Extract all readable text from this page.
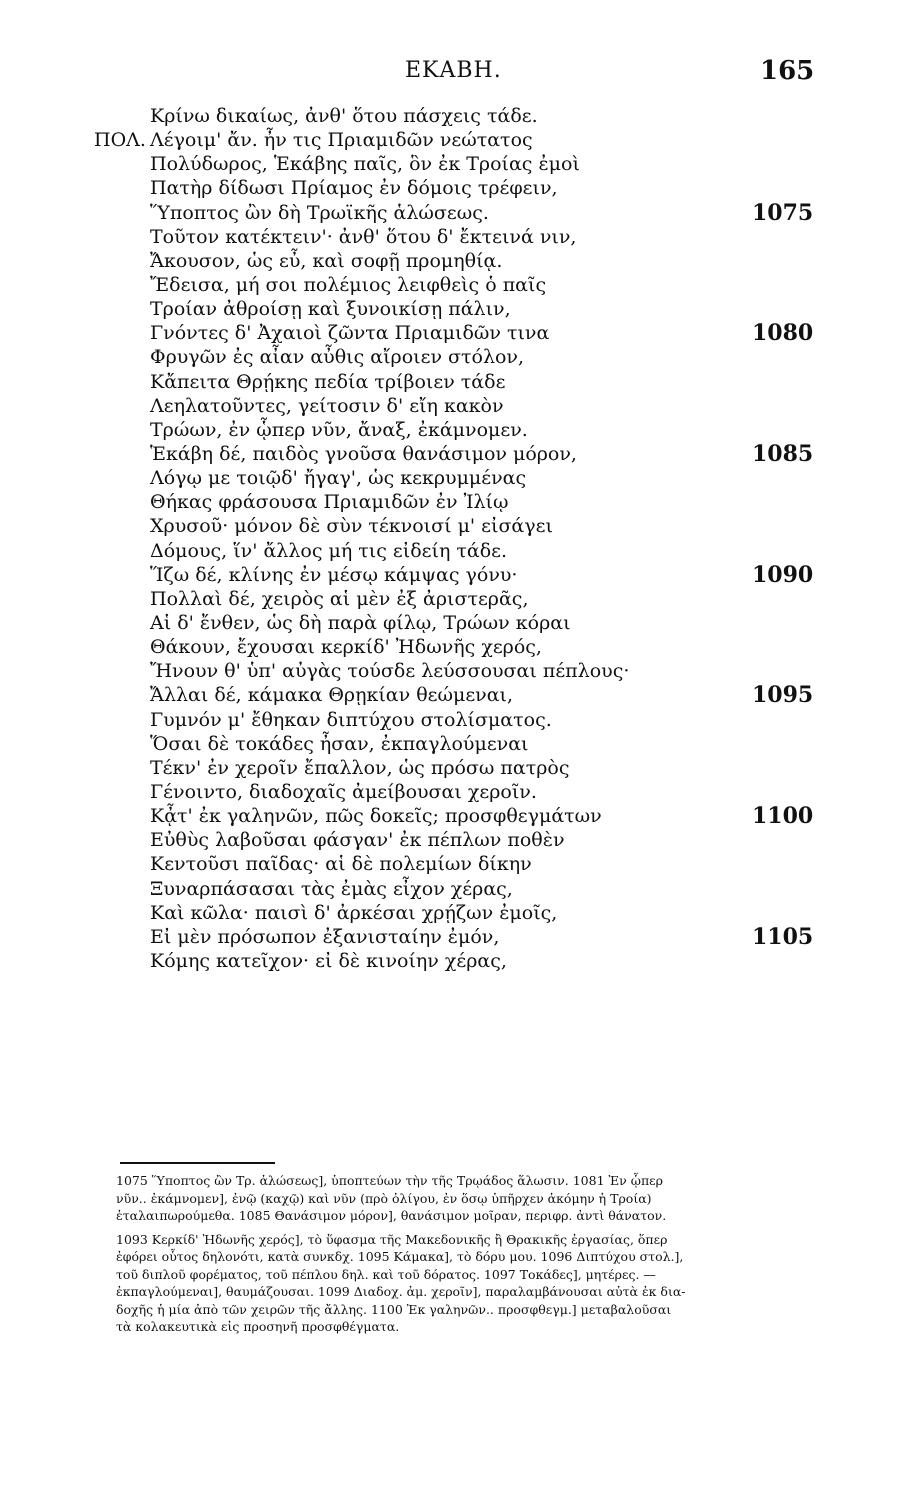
ΕΚΑΒΗ.	165
Κρίνω δικαίως, ἀνθ' ὅτου πάσχεις τάδε.
ΠΟΛ. Λέγοιμ' ἄν. ἦν τις Πριαμιδῶν νεώτατος
Πολύδωρος, Ἑκάβης παῖς, ὃν ἐκ Τροίας ἐμοὶ
Πατὴρ δίδωσι Πρίαμος ἐν δόμοις τρέφειν,
Ὕποπτος ὢν δὴ Τρωϊκῆς ἁλώσεως.	1075
Τοῦτον κατέκτειν'· ἀνθ' ὅτου δ' ἔκτεινά νιν,
Ἄκουσον, ὡς εὖ, καὶ σοφῇ προμηθίᾳ.
Ἔδεισα, μή σοι πολέμιος λειφθεὶς ὁ παῖς
Τροίαν ἀθροίσῃ καὶ ξυνοικίσῃ πάλιν,
Γνόντες δ' Ἀχαιοὶ ζῶντα Πριαμιδῶν τινα	1080
Φρυγῶν ἐς αἶαν αὖθις αἴροιεν στόλον,
Κἄπειτα Θρῄκης πεδία τρίβοιεν τάδε
Λεηλατοῦντες, γείτοσιν δ' εἴη κακὸν
Τρώων, ἐν ᾧπερ νῦν, ἄναξ, ἐκάμνομεν.
Ἑκάβη δέ, παιδὸς γνοῦσα θανάσιμον μόρον,	1085
Λόγῳ με τοιῷδ' ἤγαγ', ὡς κεκρυμμένας
Θήκας φράσουσα Πριαμιδῶν ἐν Ἰλίῳ
Χρυσοῦ· μόνον δὲ σὺν τέκνοισί μ' εἰσάγει
Δόμους, ἵν' ἄλλος μή τις εἰδείη τάδε.
Ἵζω δέ, κλίνης ἐν μέσῳ κάμψας γόνυ·	1090
Πολλαὶ δέ, χειρὸς αἱ μὲν ἐξ ἀριστερᾶς,
Αἱ δ' ἔνθεν, ὡς δὴ παρὰ φίλῳ, Τρώων κόραι
Θάκουν, ἔχουσαι κερκίδ' Ἠδωνῆς χερός,
Ἤνουν θ' ὑπ' αὐγὰς τούσδε λεύσσουσαι πέπλους·
Ἄλλαι δέ, κάμακα Θρῃκίαν θεώμεναι,	1095
Γυμνόν μ' ἔθηκαν διπτύχου στολίσματος.
Ὅσαι δὲ τοκάδες ἦσαν, ἐκπαγλούμεναι
Τέκν' ἐν χεροῖν ἔπαλλον, ὡς πρόσω πατρὸς
Γένοιντο, διαδοχαῖς ἀμείβουσαι χεροῖν.
Κᾆτ' ἐκ γαληνῶν, πῶς δοκεῖς; προσφθεγμάτων	1100
Εὐθὺς λαβοῦσαι φάσγαν' ἐκ πέπλων ποθὲν
Κεντοῦσι παῖδας· αἱ δὲ πολεμίων δίκην
Ξυναρπάσασαι τὰς ἐμὰς εἶχον χέρας,
Καὶ κῶλα· παισὶ δ' ἀρκέσαι χρῄζων ἐμοῖς,
Εἰ μὲν πρόσωπον ἐξανισταίην ἐμόν,	1105
Κόμης κατεῖχον· εἰ δὲ κινοίην χέρας,
1075 Ὕποπτος ὢν Τρ. ἁλώσεως], ὑποπτεύων τὴν τῆς Τρῳάδος ἅλωσιν. 1081 Ἐν ᾧπερ
νῦν.. ἐκάμνομεν], ἐνῷ (καχῷ) καὶ νῦν (πρὸ ὀλίγου, ἐν ὅσῳ ὑπῆρχεν ἀκόμην ἡ Τροία)
ἐταλαιπωρούμεθα. 1085 Θανάσιμον μόρον], θανάσιμον μοῖραν, περιφρ. ἀντὶ θάνατον.
1093 Κερκίδ' Ἠδωνῆς χερός], τὸ ὕφασμα τῆς Μακεδονικῆς ἢ Θρακικῆς ἐργασίας, ὅπερ
ἐφόρει οὗτος δηλονότι, κατὰ συνκδχ. 1095 Κάμακα], τὸ δόρυ μου. 1096 Διπτύχου στολ.],
τοῦ διπλοῦ φορέματος, τοῦ πέπλου δηλ. καὶ τοῦ δόρατος. 1097 Τοκάδες], μητέρες. —
ἐκπαγλούμεναι], θαυμάζουσαι. 1099 Διαδοχ. ἀμ. χεροῖν], παραλαμβάνουσαι αὐτὰ ἐκ δια-
δοχῆς ἡ μία ἀπὸ τῶν χειρῶν τῆς ἄλλης. 1100 Ἐκ γαληνῶν.. προσφθεγμ.] μεταβαλοῦσαι
τὰ κολακευτικὰ εἰς προσηνῆ προσφθέγματα.
